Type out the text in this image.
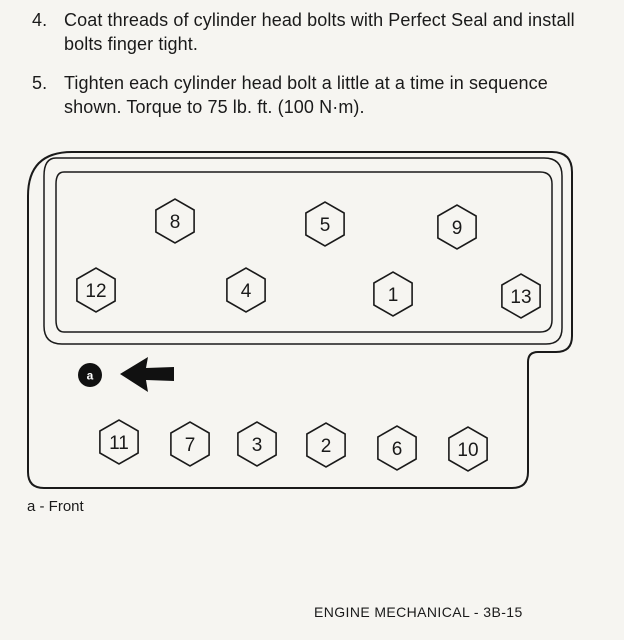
4. Coat threads of cylinder head bolts with Perfect Seal and install bolts finger tight.
5. Tighten each cylinder head bolt a little at a time in sequence shown. Torque to 75 lb. ft. (100 N·m).
8	5	9
12	4	1	13
11	7	3	2	6	10
a
a - Front
ENGINE MECHANICAL - 3B-15
